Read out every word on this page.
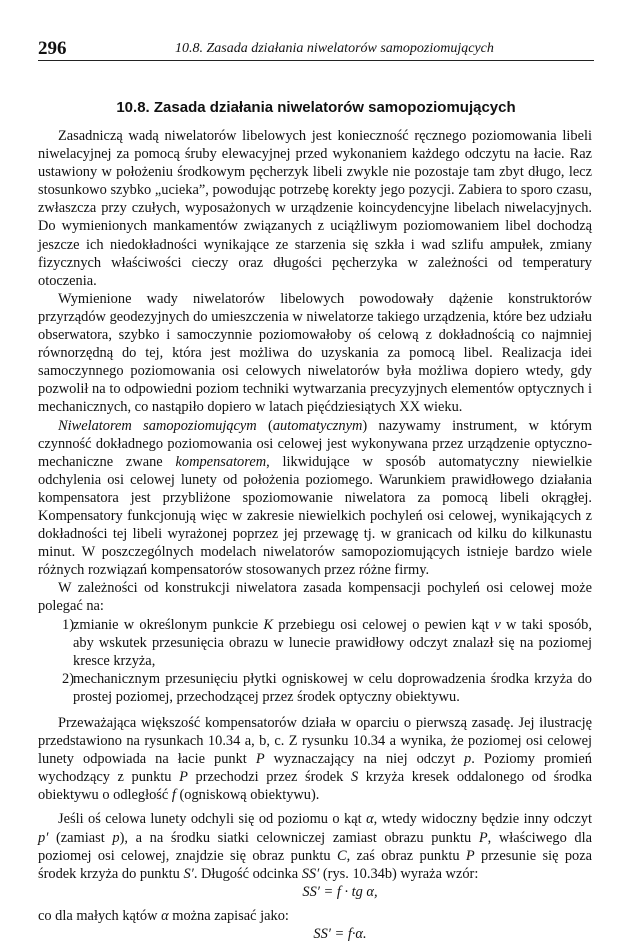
296	10.8. Zasada działania niwelatorów samopoziomujących
10.8. Zasada działania niwelatorów samopoziomujących

Zasadniczą wadą niwelatorów libelowych jest konieczność ręcznego poziomowania libeli niwelacyjnej za pomocą śruby elewacyjnej przed wykonaniem każdego odczytu na łacie. Raz ustawiony w położeniu środkowym pęcherzyk libeli zwykle nie pozostaje tam zbyt długo, lecz stosunkowo szybko „ucieka”, powodując potrzebę korekty jego pozycji. Zabiera to sporo czasu, zwłaszcza przy czułych, wyposażonych w urządzenie koincydencyjne libelach niwelacyjnych. Do wymienionych mankamentów związanych z uciążliwym poziomowaniem libel dochodzą jeszcze ich niedokładności wynikające ze starzenia się szkła i wad szlifu ampułek, zmiany fizycznych właściwości cieczy oraz długości pęcherzyka w zależności od temperatury otoczenia.

Wymienione wady niwelatorów libelowych powodowały dążenie konstruktorów przyrządów geodezyjnych do umieszczenia w niwelatorze takiego urządzenia, które bez udziału obserwatora, szybko i samoczynnie poziomowałoby oś celową z dokładnością co najmniej równorzędną do tej, która jest możliwa do uzyskania za pomocą libel. Realizacja idei samoczynnego poziomowania osi celowych niwelatorów była możliwa dopiero wtedy, gdy pozwolił na to odpowiedni poziom techniki wytwarzania precyzyjnych elementów optycznych i mechanicznych, co nastąpiło dopiero w latach pięćdziesiątych XX wieku.

Niwelatorem samopoziomującym (automatycznym) nazywamy instrument, w którym czynność dokładnego poziomowania osi celowej jest wykonywana przez urządzenie optyczno-mechaniczne zwane kompensatorem, likwidujące w sposób automatyczny niewielkie odchylenia osi celowej lunety od położenia poziomego. Warunkiem prawidłowego działania kompensatora jest przybliżone spoziomowanie niwelatora za pomocą libeli okrągłej. Kompensatory funkcjonują więc w zakresie niewielkich pochyleń osi celowej, wynikających z dokładności tej libeli wyrażonej poprzez jej przewagę tj. w granicach od kilku do kilkunastu minut. W poszczególnych modelach niwelatorów samopoziomujących istnieje bardzo wiele różnych rozwiązań kompensatorów stosowanych przez różne firmy.

W zależności od konstrukcji niwelatora zasada kompensacji pochyleń osi celowej może polegać na:

1) zmianie w określonym punkcie K przebiegu osi celowej o pewien kąt ν w taki sposób, aby wskutek przesunięcia obrazu w lunecie prawidłowy odczyt znalazł się na poziomej kresce krzyża,
2) mechanicznym przesunięciu płytki ogniskowej w celu doprowadzenia środka krzyża do prostej poziomej, przechodzącej przez środek optyczny obiektywu.

Przeważająca większość kompensatorów działa w oparciu o pierwszą zasadę. Jej ilustrację przedstawiono na rysunkach 10.34 a, b, c. Z rysunku 10.34 a wynika, że poziomej osi celowej lunety odpowiada na łacie punkt P wyznaczający na niej odczyt p. Poziomy promień wychodzący z punktu P przechodzi przez środek S krzyża kresek oddalonego od środka obiektywu o odległość f (ogniskową obiektywu).

Jeśli oś celowa lunety odchyli się od poziomu o kąt α, wtedy widoczny będzie inny odczyt p′ (zamiast p), a na środku siatki celowniczej zamiast obrazu punktu P, właściwego dla poziomej osi celowej, znajdzie się obraz punktu C, zaś obraz punktu P przesunie się poza środek krzyża do punktu S′. Długość odcinka SS′ (rys. 10.34b) wyraża wzór:

SS′ = f · tg α,

co dla małych kątów α można zapisać jako:

SS′ = f·α.
